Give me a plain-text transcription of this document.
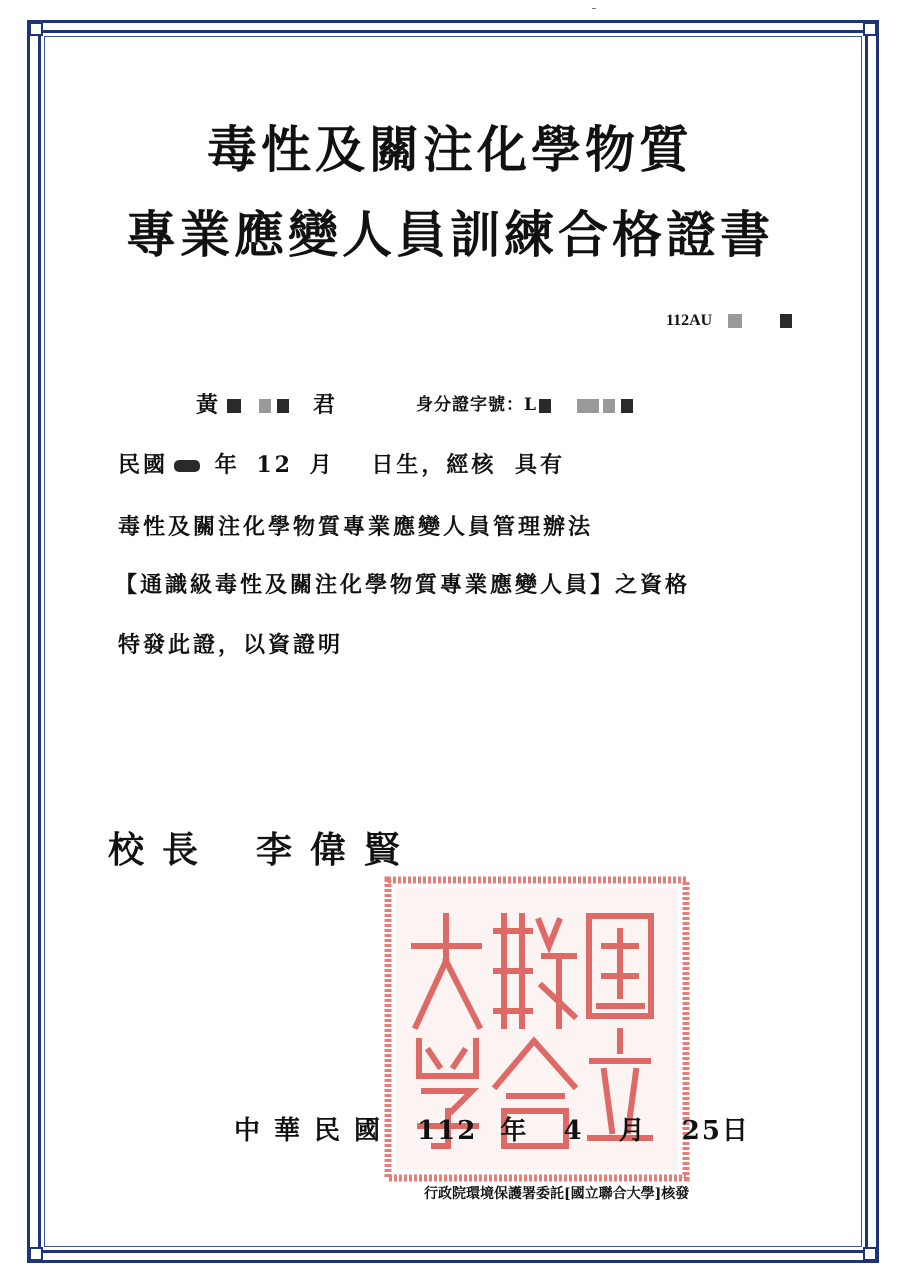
毒性及關注化學物質
專業應變人員訓練合格證書
112AU
黃	君	身分證字號：L
民國 年 12 月 日生，經核 具有
毒性及關注化學物質專業應變人員管理辦法
【通識級毒性及關注化學物質專業應變人員】之資格
特發此證，以資證明
校長 李偉賢
中華民國 112 年 4 月 25日
行政院環境保護署委託[國立聯合大學]核發
